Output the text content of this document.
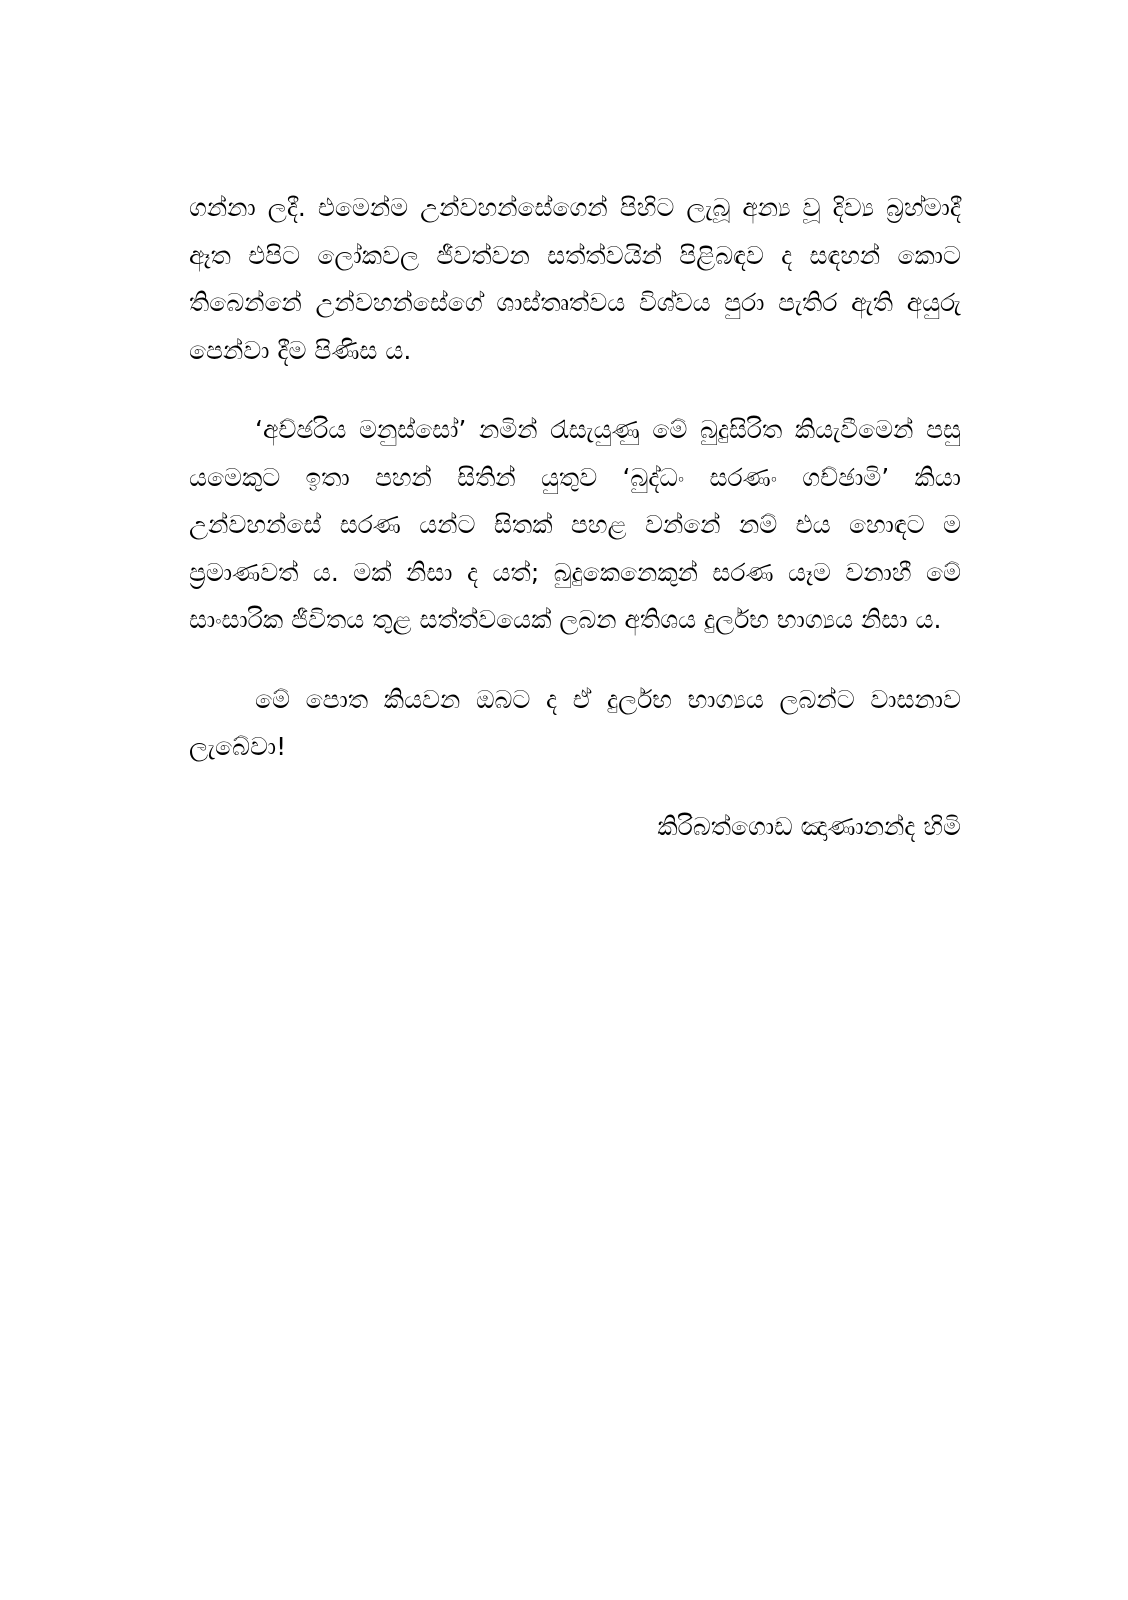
ගන්නා ලදී. එමෙන්ම උන්වහන්සේගෙන් පිහිට ලැබූ අන්‍ය වූ දිව්‍ය බ්‍රහ්මාදී ඈත එපිට ලෝකවල ජීවත්වන සත්ත්වයින් පිළිබඳව ද සඳහන් කොට තිබෙන්නේ උන්වහන්සේගේ ශාස්තෘත්වය විශ්වය පුරා පැතිර ඇති අයුරු පෙන්වා දීම පිණිස ය.

‘අච්ඡරිය මනුස්සෝ’ නමින් රැසැයුණු මේ බුදුසිරිත කියැවීමෙන් පසු යමෙකුට ඉතා පහන් සිතින් යුතුව ‘බුද්ධං සරණං ගච්ඡාමි’ කියා උන්වහන්සේ සරණ යන්ට සිතක් පහළ වන්නේ නම් එය හොඳට ම ප්‍රමාණවත් ය. මක් නිසා ද යත්; බුදුකෙනෙකුන් සරණ යෑම වනාහී මේ සාංසාරික ජීවිතය තුළ සත්ත්වයෙක් ලබන අතිශය දුර්ලභ භාග්‍යය නිසා ය.

මේ පොත කියවන ඔබට ද ඒ දුර්ලභ භාග්‍යය ලබන්ට වාසනාව ලැබේවා!

කිරිබත්ගොඩ ඤාණානන්ද හිමි
